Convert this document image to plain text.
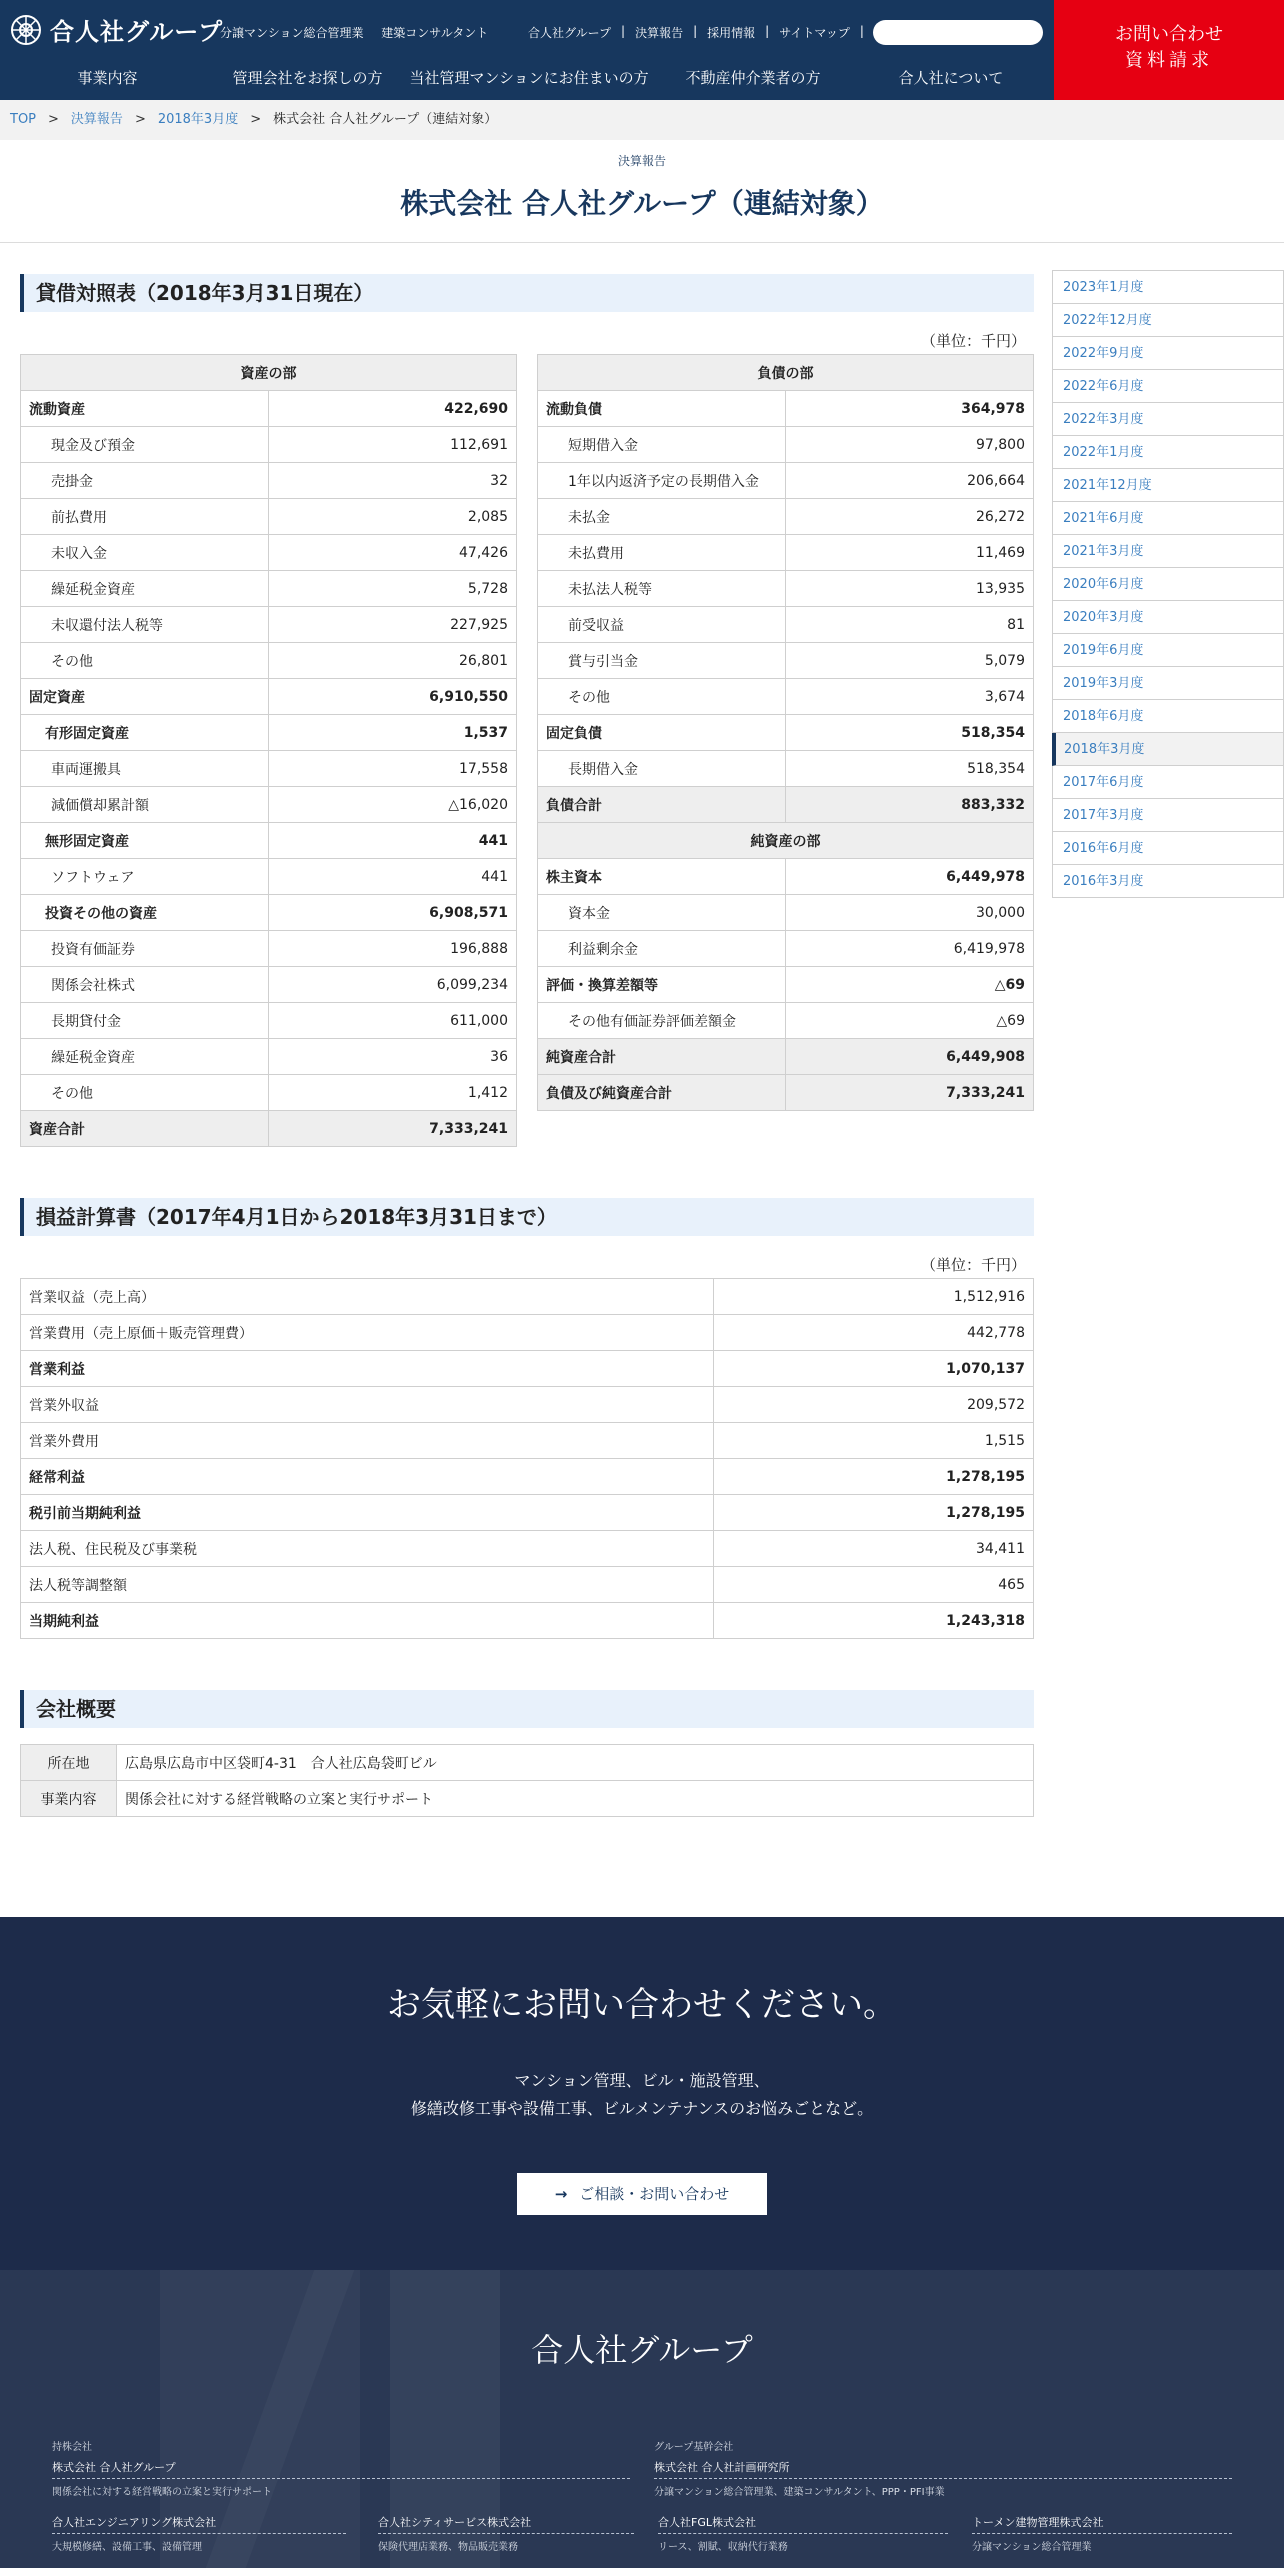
合人社グループ
分譲マンション総合管理業 建築コンサルタント	合人社グループ | 決算報告 | 採用情報 | サイトマップ |	お問い合わせ
資料請求
事業内容	管理会社をお探しの方	当社管理マンションにお住まいの方	不動産仲介業者の方	合人社について
TOP > 決算報告 > 2018年3月度 > 株式会社 合人社グループ（連結対象）
決算報告
株式会社 合人社グループ（連結対象）
貸借対照表（2018年3月31日現在）
（単位：千円）
資産の部	
流動資産	422,690
現金及び預金	112,691
売掛金	32
前払費用	2,085
未収入金	47,426
繰延税金資産	5,728
未収還付法人税等	227,925
その他	26,801
固定資産	6,910,550
有形固定資産	1,537
車両運搬具	17,558
減価償却累計額	△16,020
無形固定資産	441
ソフトウェア	441
投資その他の資産	6,908,571
投資有価証券	196,888
関係会社株式	6,099,234
長期貸付金	611,000
繰延税金資産	36
その他	1,412
資産合計	7,333,241
負債の部	
流動負債	364,978
短期借入金	97,800
1年以内返済予定の長期借入金	206,664
未払金	26,272
未払費用	11,469
未払法人税等	13,935
前受収益	81
賞与引当金	5,079
その他	3,674
固定負債	518,354
長期借入金	518,354
負債合計	883,332
純資産の部	
株主資本	6,449,978
資本金	30,000
利益剰余金	6,419,978
評価・換算差額等	△69
その他有価証券評価差額金	△69
純資産合計	6,449,908
負債及び純資産合計	7,333,241
2023年1月度
2022年12月度
2022年9月度
2022年6月度
2022年3月度
2022年1月度
2021年12月度
2021年6月度
2021年3月度
2020年6月度
2020年3月度
2019年6月度
2019年3月度
2018年6月度
2018年3月度
2017年6月度
2017年3月度
2016年6月度
2016年3月度
損益計算書（2017年4月1日から2018年3月31日まで）
（単位：千円）
営業収益（売上高）	1,512,916
営業費用（売上原価＋販売管理費）	442,778
営業利益	1,070,137
営業外収益	209,572
営業外費用	1,515
経常利益	1,278,195
税引前当期純利益	1,278,195
法人税、住民税及び事業税	34,411
法人税等調整額	465
当期純利益	1,243,318
会社概要
所在地	広島県広島市中区袋町4-31　合人社広島袋町ビル
事業内容	関係会社に対する経営戦略の立案と実行サポート
お気軽にお問い合わせください。
マンション管理、ビル・施設管理、
修繕改修工事や設備工事、ビルメンテナンスのお悩みごとなど。
→ ご相談・お問い合わせ
合人社グループ
持株会社
株式会社 合人社グループ
関係会社に対する経営戦略の立案と実行サポート
グループ基幹会社
株式会社 合人社計画研究所
分譲マンション総合管理業、建築コンサルタント、PPP・PFI事業
合人社エンジニアリング株式会社
大規模修繕、設備工事、設備管理
合人社シティサービス株式会社
保険代理店業務、物品販売業務
合人社FGL株式会社
リース、割賦、収納代行業務
トーメン建物管理株式会社
分譲マンション総合管理業
